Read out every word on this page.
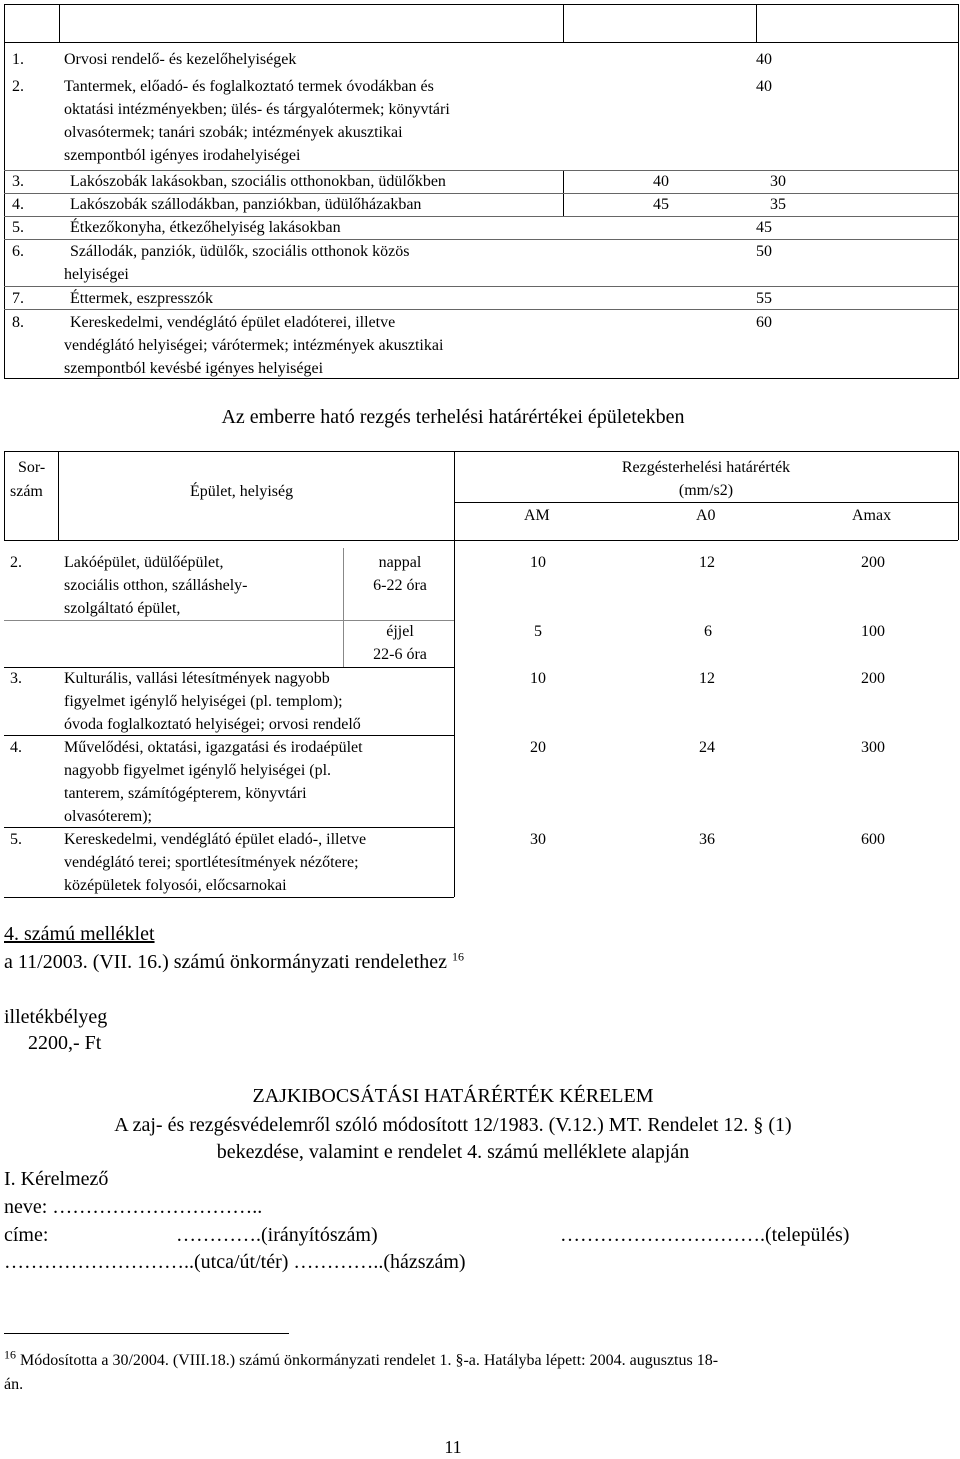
1.	Orvosi rendelő- és kezelőhelyiségek	40
2.	Tantermek, előadó- és foglalkoztató termek óvodákban és
oktatási intézményekben; ülés- és tárgyalótermek; könyvtári
olvasótermek; tanári szobák; intézmények akusztikai
szempontból igényes irodahelyiségei
40
3.	Lakószobák lakásokban, szociális otthonokban, üdülőkben	40	30
4.	Lakószobák szállodákban, panziókban, üdülőházakban	45	35
5.	Étkezőkonyha, étkezőhelyiség lakásokban	45
6.	Szállodák, panziók, üdülők, szociális otthonok közös
helyiségei
50
7.	Éttermek, eszpresszók	55
8.	Kereskedelmi, vendéglátó épület eladóterei, illetve
vendéglátó helyiségei; várótermek; intézmények akusztikai
szempontból kevésbé igényes helyiségei
60
Az emberre ható rezgés terhelési határértékei épületekben
Sor-
szám	Épület, helyiség
Rezgésterhelési határérték
(mm/s2)
AM	A0	Amax
2.	Lakóépület, üdülőépület,
szociális otthon, szálláshely-
szolgáltató épület,
nappal
6-22 óra
éjjel
22-6 óra
10	12	200
5	6	100
3.	Kulturális, vallási létesítmények nagyobb
figyelmet igénylő helyiségei (pl. templom);
óvoda foglalkoztató helyiségei; orvosi rendelő
10	12	200
4.	Művelődési, oktatási, igazgatási és irodaépület
nagyobb figyelmet igénylő helyiségei (pl.
tanterem, számítógépterem, könyvtári
olvasóterem);
20	24	300
5.	Kereskedelmi, vendéglátó épület eladó-, illetve
vendéglátó terei; sportlétesítmények nézőtere;
középületek folyosói, előcsarnokai
30	36	600
4. számú melléklet
a 11/2003. (VII. 16.) számú önkormányzati rendelethez $^{16}$
illetékbélyeg
2200,- Ft
ZAJKIBOCSÁTÁSI HATÁRÉRTÉK KÉRELEM
A zaj- és rezgésvédelemről szóló módosított 12/1983. (V.12.) MT. Rendelet 12. § (1)
bekezdése, valamint e rendelet 4. számú melléklete alapján
I. Kérelmező
neve: …………………………..
címe:	………….(irányítószám)	………………………….(település)
………………………..(utca/út/tér) …………..(házszám)
$^{16}$ Módosította a 30/2004. (VIII.18.) számú önkormányzati rendelet 1. §-a. Hatályba lépett: 2004. augusztus 18-
án.
11
